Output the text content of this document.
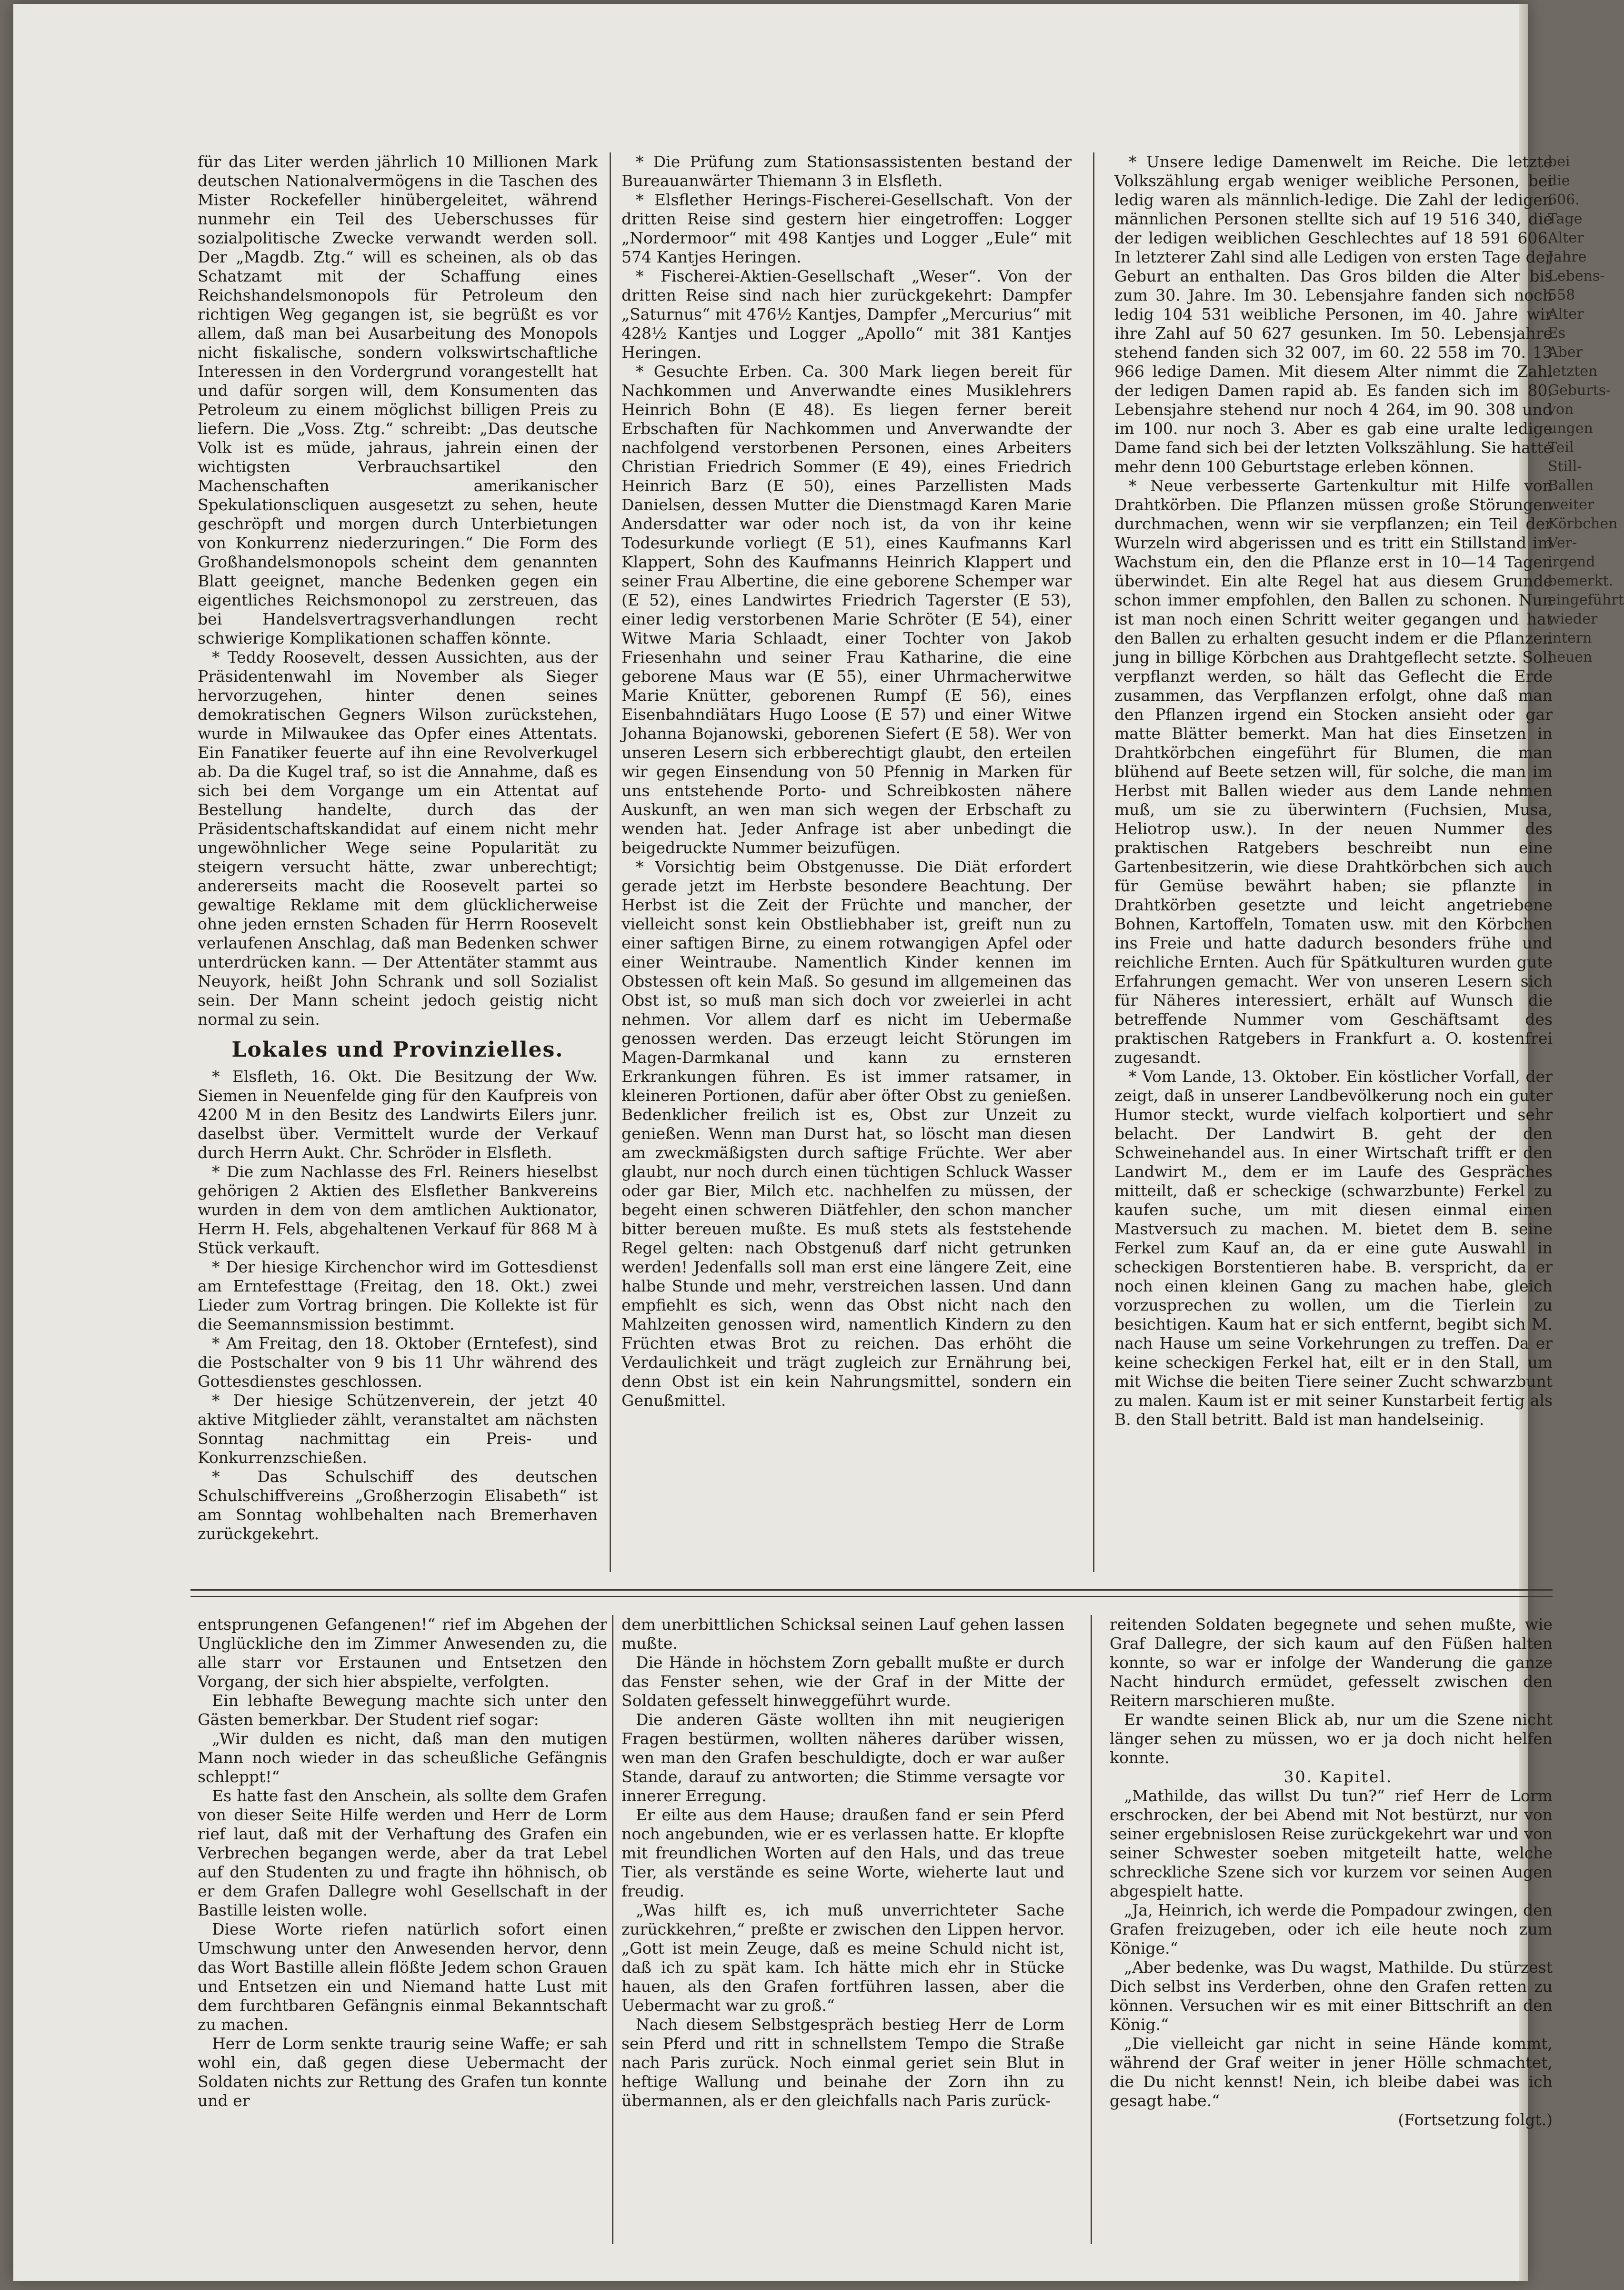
für das Liter werden jährlich 10 Millionen Mark deutschen Nationalvermögens in die Taschen des Mister Rockefeller hinübergeleitet, während nunmehr ein Teil des Ueberschusses für sozialpolitische Zwecke verwandt werden soll. Der „Magdb. Ztg.“ will es scheinen, als ob das Schatzamt mit der Schaffung eines Reichshandelsmonopols für Petroleum den richtigen Weg gegangen ist, sie begrüßt es vor allem, daß man bei Ausarbeitung des Monopols nicht fiskalische, sondern volkswirtschaftliche Interessen in den Vordergrund vorangestellt hat und dafür sorgen will, dem Konsumenten das Petroleum zu einem möglichst billigen Preis zu liefern. Die „Voss. Ztg.“ schreibt: „Das deutsche Volk ist es müde, jahraus, jahrein einen der wichtigsten Verbrauchsartikel den Machenschaften amerikanischer Spekulationscliquen ausgesetzt zu sehen, heute geschröpft und morgen durch Unterbietungen von Konkurrenz niederzuringen.“ Die Form des Großhandelsmonopols scheint dem genannten Blatt geeignet, manche Bedenken gegen ein eigentliches Reichsmonopol zu zerstreuen, das bei Handelsvertragsverhandlungen recht schwierige Komplikationen schaffen könnte.

* Teddy Roosevelt, dessen Aussichten, aus der Präsidentenwahl im November als Sieger hervorzugehen, hinter denen seines demokratischen Gegners Wilson zurückstehen, wurde in Milwaukee das Opfer eines Attentats. Ein Fanatiker feuerte auf ihn eine Revolverkugel ab. Da die Kugel traf, so ist die Annahme, daß es sich bei dem Vorgange um ein Attentat auf Bestellung handelte, durch das der Präsidentschaftskandidat auf einem nicht mehr ungewöhnlicher Wege seine Popularität zu steigern versucht hätte, zwar unberechtigt; andererseits macht die Roosevelt partei so gewaltige Reklame mit dem glücklicherweise ohne jeden ernsten Schaden für Herrn Roosevelt verlaufenen Anschlag, daß man Bedenken schwer unterdrücken kann. — Der Attentäter stammt aus Neuyork, heißt John Schrank und soll Sozialist sein. Der Mann scheint jedoch geistig nicht normal zu sein.

Lokales und Provinzielles.

* Elsfleth, 16. Okt. Die Besitzung der Ww. Siemen in Neuenfelde ging für den Kaufpreis von 4200 M in den Besitz des Landwirts Eilers junr. daselbst über. Vermittelt wurde der Verkauf durch Herrn Aukt. Chr. Schröder in Elsfleth.

* Die zum Nachlasse des Frl. Reiners hieselbst gehörigen 2 Aktien des Elsflether Bankvereins wurden in dem von dem amtlichen Auktionator, Herrn H. Fels, abgehaltenen Verkauf für 868 M à Stück verkauft.

* Der hiesige Kirchenchor wird im Gottesdienst am Erntefesttage (Freitag, den 18. Okt.) zwei Lieder zum Vortrag bringen. Die Kollekte ist für die Seemannsmission bestimmt.

* Am Freitag, den 18. Oktober (Erntefest), sind die Postschalter von 9 bis 11 Uhr während des Gottesdienstes geschlossen.

* Der hiesige Schützenverein, der jetzt 40 aktive Mitglieder zählt, veranstaltet am nächsten Sonntag nachmittag ein Preis- und Konkurrenzschießen.

* Das Schulschiff des deutschen Schulschiffvereins „Großherzogin Elisabeth“ ist am Sonntag wohlbehalten nach Bremerhaven zurückgekehrt.

* Die Prüfung zum Stationsassistenten bestand der Bureauanwärter Thiemann 3 in Elsfleth.

* Elsflether Herings-Fischerei-Gesellschaft. Von der dritten Reise sind gestern hier eingetroffen: Logger „Nordermoor“ mit 498 Kantjes und Logger „Eule“ mit 574 Kantjes Heringen.

* Fischerei-Aktien-Gesellschaft „Weser“. Von der dritten Reise sind nach hier zurückgekehrt: Dampfer „Saturnus“ mit 476½ Kantjes, Dampfer „Mercurius“ mit 428½ Kantjes und Logger „Apollo“ mit 381 Kantjes Heringen.

* Gesuchte Erben. Ca. 300 Mark liegen bereit für Nachkommen und Anverwandte eines Musiklehrers Heinrich Bohn (E 48). Es liegen ferner bereit Erbschaften für Nachkommen und Anverwandte der nachfolgend verstorbenen Personen, eines Arbeiters Christian Friedrich Sommer (E 49), eines Friedrich Heinrich Barz (E 50), eines Parzellisten Mads Danielsen, dessen Mutter die Dienstmagd Karen Marie Andersdatter war oder noch ist, da von ihr keine Todesurkunde vorliegt (E 51), eines Kaufmanns Karl Klappert, Sohn des Kaufmanns Heinrich Klappert und seiner Frau Albertine, die eine geborene Schemper war (E 52), eines Landwirtes Friedrich Tagerster (E 53), einer ledig verstorbenen Marie Schröter (E 54), einer Witwe Maria Schlaadt, einer Tochter von Jakob Friesenhahn und seiner Frau Katharine, die eine geborene Maus war (E 55), einer Uhrmacherwitwe Marie Knütter, geborenen Rumpf (E 56), eines Eisenbahndiätars Hugo Loose (E 57) und einer Witwe Johanna Bojanowski, geborenen Siefert (E 58). Wer von unseren Lesern sich erbberechtigt glaubt, den erteilen wir gegen Einsendung von 50 Pfennig in Marken für uns entstehende Porto- und Schreibkosten nähere Auskunft, an wen man sich wegen der Erbschaft zu wenden hat. Jeder Anfrage ist aber unbedingt die beigedruckte Nummer beizufügen.

* Vorsichtig beim Obstgenusse. Die Diät erfordert gerade jetzt im Herbste besondere Beachtung. Der Herbst ist die Zeit der Früchte und mancher, der vielleicht sonst kein Obstliebhaber ist, greift nun zu einer saftigen Birne, zu einem rotwangigen Apfel oder einer Weintraube. Namentlich Kinder kennen im Obstessen oft kein Maß. So gesund im allgemeinen das Obst ist, so muß man sich doch vor zweierlei in acht nehmen. Vor allem darf es nicht im Uebermaße genossen werden. Das erzeugt leicht Störungen im Magen-Darmkanal und kann zu ernsteren Erkrankungen führen. Es ist immer ratsamer, in kleineren Portionen, dafür aber öfter Obst zu genießen. Bedenklicher freilich ist es, Obst zur Unzeit zu genießen. Wenn man Durst hat, so löscht man diesen am zweckmäßigsten durch saftige Früchte. Wer aber glaubt, nur noch durch einen tüchtigen Schluck Wasser oder gar Bier, Milch etc. nachhelfen zu müssen, der begeht einen schweren Diätfehler, den schon mancher bitter bereuen mußte. Es muß stets als feststehende Regel gelten: nach Obstgenuß darf nicht getrunken werden! Jedenfalls soll man erst eine längere Zeit, eine halbe Stunde und mehr, verstreichen lassen. Und dann empfiehlt es sich, wenn das Obst nicht nach den Mahlzeiten genossen wird, namentlich Kindern zu den Früchten etwas Brot zu reichen. Das erhöht die Verdaulichkeit und trägt zugleich zur Ernährung bei, denn Obst ist ein kein Nahrungsmittel, sondern ein Genußmittel.

* Unsere ledige Damenwelt im Reiche. Die letzte Volkszählung ergab weniger weibliche Personen, bei ledig waren als männlich-ledige. Die Zahl der ledigen männlichen Personen stellte sich auf 19 516 340, die der ledigen weiblichen Geschlechtes auf 18 591 606. In letzterer Zahl sind alle Ledigen von ersten Tage der Geburt an enthalten. Das Gros bilden die Alter bis zum 30. Jahre. Im 30. Lebensjahre fanden sich noch ledig 104 531 weibliche Personen, im 40. Jahre wir ihre Zahl auf 50 627 gesunken. Im 50. Lebensjahre stehend fanden sich 32 007, im 60. 22 558 im 70. 13 966 ledige Damen. Mit diesem Alter nimmt die Zahl der ledigen Damen rapid ab. Es fanden sich im 80. Lebensjahre stehend nur noch 4 264, im 90. 308 und im 100. nur noch 3. Aber es gab eine uralte ledige Dame fand sich bei der letzten Volkszählung. Sie hatte mehr denn 100 Geburtstage erleben können.

* Neue verbesserte Gartenkultur mit Hilfe von Drahtkörben. Die Pflanzen müssen große Störungen durchmachen, wenn wir sie verpflanzen; ein Teil der Wurzeln wird abgerissen und es tritt ein Stillstand im Wachstum ein, den die Pflanze erst in 10—14 Tagen überwindet. Ein alte Regel hat aus diesem Grunde schon immer empfohlen, den Ballen zu schonen. Nun ist man noch einen Schritt weiter gegangen und hat den Ballen zu erhalten gesucht indem er die Pflanzen jung in billige Körbchen aus Drahtgeflecht setzte. Soll verpflanzt werden, so hält das Geflecht die Erde zusammen, das Verpflanzen erfolgt, ohne daß man den Pflanzen irgend ein Stocken ansieht oder gar matte Blätter bemerkt. Man hat dies Einsetzen in Drahtkörbchen eingeführt für Blumen, die man blühend auf Beete setzen will, für solche, die man im Herbst mit Ballen wieder aus dem Lande nehmen muß, um sie zu überwintern (Fuchsien, Musa, Heliotrop usw.). In der neuen Nummer des praktischen Ratgebers beschreibt nun eine Gartenbesitzerin, wie diese Drahtkörbchen sich auch für Gemüse bewährt haben; sie pflanzte in Drahtkörben gesetzte und leicht angetriebene Bohnen, Kartoffeln, Tomaten usw. mit den Körbchen ins Freie und hatte dadurch besonders frühe und reichliche Ernten. Auch für Spätkulturen wurden gute Erfahrungen gemacht. Wer von unseren Lesern sich für Näheres interessiert, erhält auf Wunsch die betreffende Nummer vom Geschäftsamt des praktischen Ratgebers in Frankfurt a. O. kostenfrei zugesandt.

* Vom Lande, 13. Oktober. Ein köstlicher Vorfall, der zeigt, daß in unserer Landbevölkerung noch ein guter Humor steckt, wurde vielfach kolportiert und sehr belacht. Der Landwirt B. geht der den Schweinehandel aus. In einer Wirtschaft trifft er den Landwirt M., dem er im Laufe des Gespräches mitteilt, daß er scheckige (schwarzbunte) Ferkel zu kaufen suche, um mit diesen einmal einen Mastversuch zu machen. M. bietet dem B. seine Ferkel zum Kauf an, da er eine gute Auswahl in scheckigen Borstentieren habe. B. verspricht, da er noch einen kleinen Gang zu machen habe, gleich vorzusprechen zu wollen, um die Tierlein zu besichtigen. Kaum hat er sich entfernt, begibt sich M. nach Hause um seine Vorkehrungen zu treffen. Da er keine scheckigen Ferkel hat, eilt er in den Stall, um mit Wichse die beiten Tiere seiner Zucht schwarzbunt zu malen. Kaum ist er mit seiner Kunstarbeit fertig als B. den Stall betritt. Bald ist man handelseinig.

entsprungenen Gefangenen!“ rief im Abgehen der Unglückliche den im Zimmer Anwesenden zu, die alle starr vor Erstaunen und Entsetzen den Vorgang, der sich hier abspielte, verfolgten.

Ein lebhafte Bewegung machte sich unter den Gästen bemerkbar. Der Student rief sogar:

„Wir dulden es nicht, daß man den mutigen Mann noch wieder in das scheußliche Gefängnis schleppt!“

Es hatte fast den Anschein, als sollte dem Grafen von dieser Seite Hilfe werden und Herr de Lorm rief laut, daß mit der Verhaftung des Grafen ein Verbrechen begangen werde, aber da trat Lebel auf den Studenten zu und fragte ihn höhnisch, ob er dem Grafen Dallegre wohl Gesellschaft in der Bastille leisten wolle.

Diese Worte riefen natürlich sofort einen Umschwung unter den Anwesenden hervor, denn das Wort Bastille allein flößte Jedem schon Grauen und Entsetzen ein und Niemand hatte Lust mit dem furchtbaren Gefängnis einmal Bekanntschaft zu machen.

Herr de Lorm senkte traurig seine Waffe; er sah wohl ein, daß gegen diese Uebermacht der Soldaten nichts zur Rettung des Grafen tun konnte und er

dem unerbittlichen Schicksal seinen Lauf gehen lassen mußte.

Die Hände in höchstem Zorn geballt mußte er durch das Fenster sehen, wie der Graf in der Mitte der Soldaten gefesselt hinweggeführt wurde.

Die anderen Gäste wollten ihn mit neugierigen Fragen bestürmen, wollten näheres darüber wissen, wen man den Grafen beschuldigte, doch er war außer Stande, darauf zu antworten; die Stimme versagte vor innerer Erregung.

Er eilte aus dem Hause; draußen fand er sein Pferd noch angebunden, wie er es verlassen hatte. Er klopfte mit freundlichen Worten auf den Hals, und das treue Tier, als verstände es seine Worte, wieherte laut und freudig.

„Was hilft es, ich muß unverrichteter Sache zurückkehren,“ preßte er zwischen den Lippen hervor. „Gott ist mein Zeuge, daß es meine Schuld nicht ist, daß ich zu spät kam. Ich hätte mich ehr in Stücke hauen, als den Grafen fortführen lassen, aber die Uebermacht war zu groß.“

Nach diesem Selbstgespräch bestieg Herr de Lorm sein Pferd und ritt in schnellstem Tempo die Straße nach Paris zurück. Noch einmal geriet sein Blut in heftige Wallung und beinahe der Zorn ihn zu übermannen, als er den gleichfalls nach Paris zurück-

reitenden Soldaten begegnete und sehen mußte, wie Graf Dallegre, der sich kaum auf den Füßen halten konnte, so war er infolge der Wanderung die ganze Nacht hindurch ermüdet, gefesselt zwischen den Reitern marschieren mußte.

Er wandte seinen Blick ab, nur um die Szene nicht länger sehen zu müssen, wo er ja doch nicht helfen konnte.

30. Kapitel.

„Mathilde, das willst Du tun?“ rief Herr de Lorm erschrocken, der bei Abend mit Not bestürzt, nur von seiner ergebnislosen Reise zurückgekehrt war und von seiner Schwester soeben mitgeteilt hatte, welche schreckliche Szene sich vor kurzem vor seinen Augen abgespielt hatte.

„Ja, Heinrich, ich werde die Pompadour zwingen, den Grafen freizugeben, oder ich eile heute noch zum Könige.“

„Aber bedenke, was Du wagst, Mathilde. Du stürzest Dich selbst ins Verderben, ohne den Grafen retten zu können. Versuchen wir es mit einer Bittschrift an den König.“

„Die vielleicht gar nicht in seine Hände kommt, während der Graf weiter in jener Hölle schmachtet, die Du nicht kennst! Nein, ich bleibe dabei was ich gesagt habe.“

(Fortsetzung folgt.)

bei die 606. Tage Alter Jahre Lebens- 558 Alter Es Aber letzten Geburts- von ungen Teil Still- Ballen weiter Körbchen Ver- irgend bemerkt. eingeführt wieder intern neuen
